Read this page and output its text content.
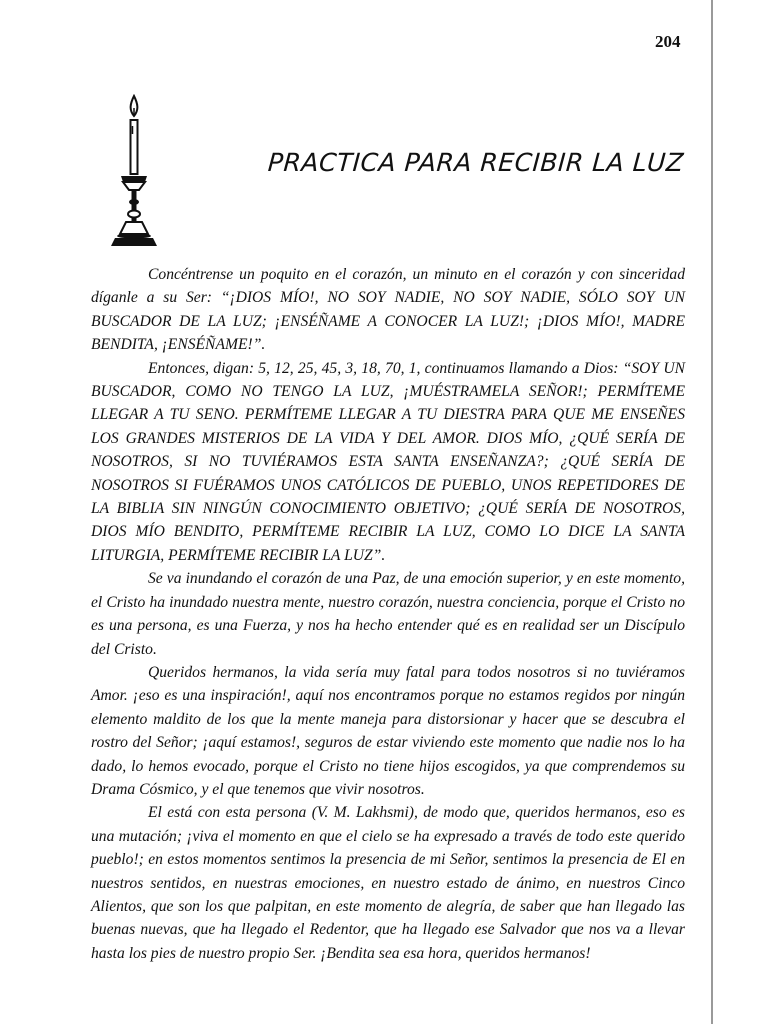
204
PRACTICA PARA RECIBIR LA LUZ

Concéntrense un poquito en el corazón, un minuto en el corazón y con sinceridad díganle a su Ser: “¡DIOS MÍO!, NO SOY NADIE, NO SOY NADIE, SÓLO SOY UN BUSCADOR DE LA LUZ; ¡ENSÉÑAME A CONOCER LA LUZ!; ¡DIOS MÍO!, MADRE BENDITA, ¡ENSÉÑAME!”.

Entonces, digan: 5, 12, 25, 45, 3, 18, 70, 1, continuamos llamando a Dios: “SOY UN BUSCADOR, COMO NO TENGO LA LUZ, ¡MUÉSTRAMELA SEÑOR!; PERMÍTEME LLEGAR A TU SENO. PERMÍTEME LLEGAR A TU DIESTRA PARA QUE ME ENSEÑES LOS GRANDES MISTERIOS DE LA VIDA Y DEL AMOR. DIOS MÍO, ¿QUÉ SERÍA DE NOSOTROS, SI NO TUVIÉRAMOS ESTA SANTA ENSEÑANZA?; ¿QUÉ SERÍA DE NOSOTROS SI FUÉRAMOS UNOS CATÓLICOS DE PUEBLO, UNOS REPETIDORES DE LA BIBLIA SIN NINGÚN CONOCIMIENTO OBJETIVO; ¿QUÉ SERÍA DE NOSOTROS, DIOS MÍO BENDITO, PERMÍTEME RECIBIR LA LUZ, COMO LO DICE LA SANTA LITURGIA, PERMÍTEME RECIBIR LA LUZ”.

Se va inundando el corazón de una Paz, de una emoción superior, y en este momento, el Cristo ha inundado nuestra mente, nuestro corazón, nuestra conciencia, porque el Cristo no es una persona, es una Fuerza, y nos ha hecho entender qué es en realidad ser un Discípulo del Cristo.

Queridos hermanos, la vida sería muy fatal para todos nosotros si no tuviéramos Amor. ¡eso es una inspiración!, aquí nos encontramos porque no estamos regidos por ningún elemento maldito de los que la mente maneja para distorsionar y hacer que se descubra el rostro del Señor; ¡aquí estamos!, seguros de estar viviendo este momento que nadie nos lo ha dado, lo hemos evocado, porque el Cristo no tiene hijos escogidos, ya que comprendemos su Drama Cósmico, y el que tenemos que vivir nosotros.

El está con esta persona (V. M. Lakhsmi), de modo que, queridos hermanos, eso es una mutación; ¡viva el momento en que el cielo se ha expresado a través de todo este querido pueblo!; en estos momentos sentimos la presencia de mi Señor, sentimos la presencia de El en nuestros sentidos, en nuestras emociones, en nuestro estado de ánimo, en nuestros Cinco Alientos, que son los que palpitan, en este momento de alegría, de saber que han llegado las buenas nuevas, que ha llegado el Redentor, que ha llegado ese Salvador que nos va a llevar hasta los pies de nuestro propio Ser. ¡Bendita sea esa hora, queridos hermanos!
